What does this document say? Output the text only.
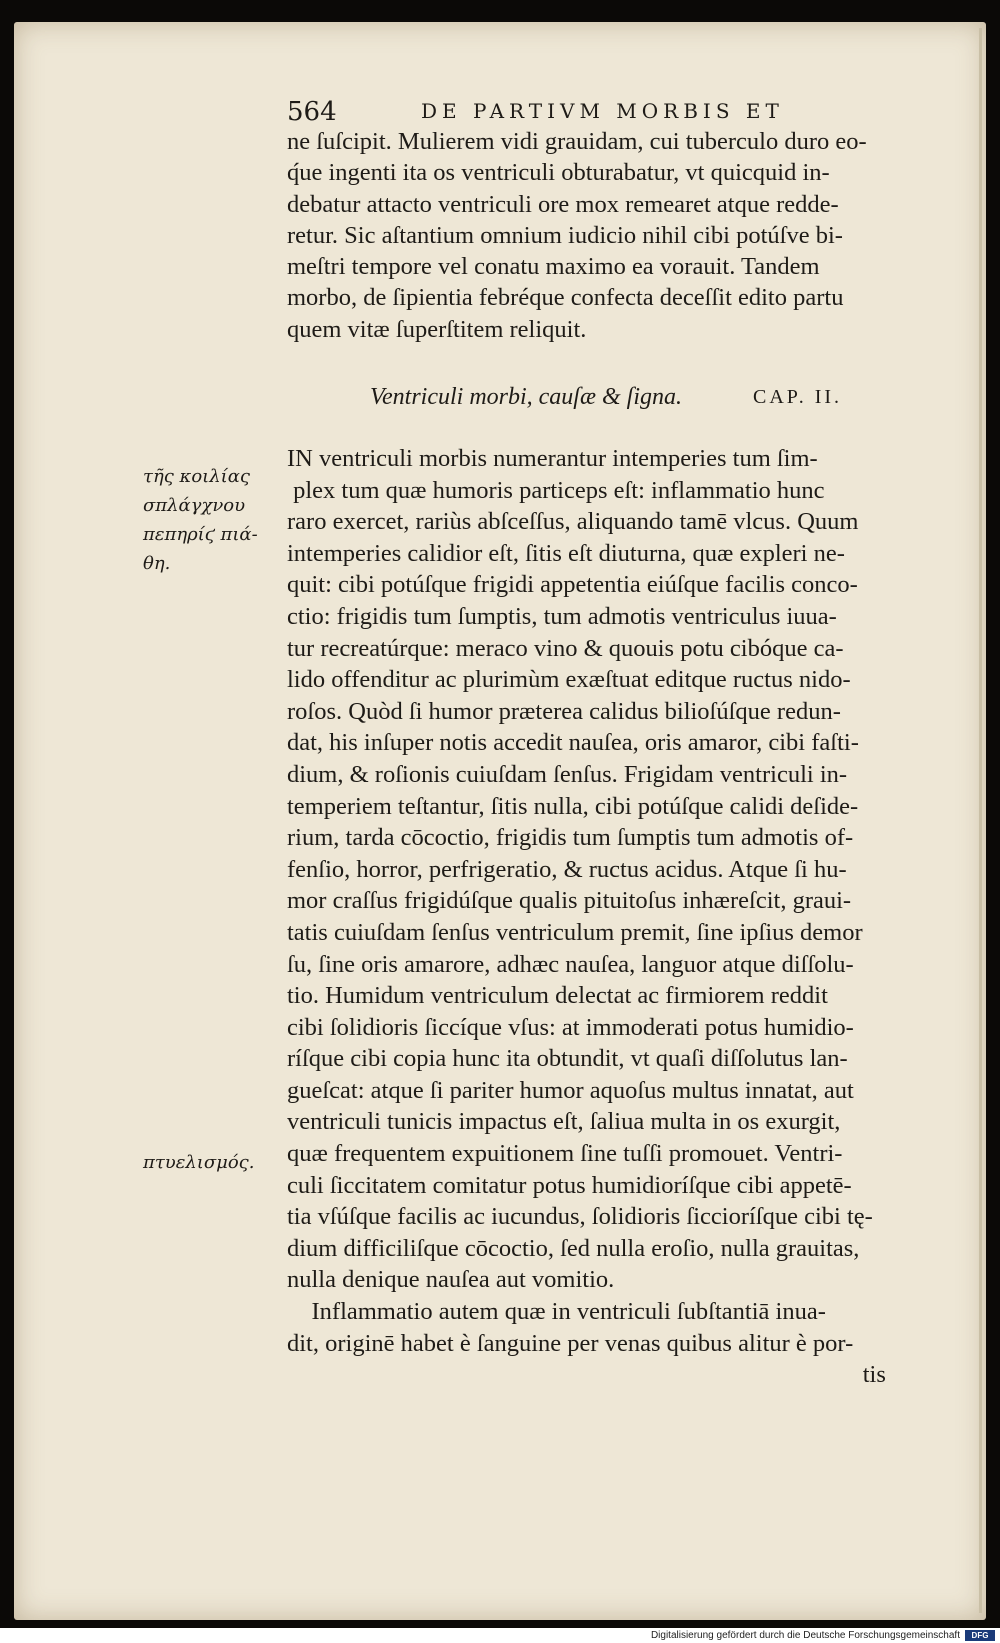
564	DE PARTIVM MORBIS ET
ne ſuſcipit. Mulierem vidi grauidam, cui tuberculo duro eo-
q́ue ingenti ita os ventriculi obturabatur, vt quicquid in-
debatur attacto ventriculi ore mox remearet atque redde-
retur. Sic aſtantium omnium iudicio nihil cibi potúſve bi-
meſtri tempore vel conatu maximo ea vorauit. Tandem
morbo, de ſipientia febréque confecta deceſſit edito partu
quem vitæ ſuperſtitem reliquit.
Ventriculi morbi, cauſæ & ſigna.	CAP. II.
IN ventriculi morbis numerantur intemperies tum ſim-
plex tum quæ humoris particeps eſt: inflammatio hunc
raro exercet, rariùs abſceſſus, aliquando tamē vlcus. Quum
intemperies calidior eſt, ſitis eſt diuturna, quæ expleri ne-
quit: cibi potúſque frigidi appetentia eiúſque facilis conco-
ctio: frigidis tum ſumptis, tum admotis ventriculus iuua-
tur recreatúrque: meraco vino & quouis potu cibóque ca-
lido offenditur ac plurimùm exæſtuat editque ructus nido-
roſos. Quòd ſi humor præterea calidus bilioſúſque redun-
dat, his inſuper notis accedit nauſea, oris amaror, cibi faſti-
dium, & roſionis cuiuſdam ſenſus. Frigidam ventriculi in-
temperiem teſtantur, ſitis nulla, cibi potúſque calidi deſide-
rium, tarda cōcoctio, frigidis tum ſumptis tum admotis of-
fenſio, horror, perfrigeratio, & ructus acidus. Atque ſi hu-
mor craſſus frigidúſque qualis pituitoſus inhæreſcit, graui-
tatis cuiuſdam ſenſus ventriculum premit, ſine ipſius demor
ſu, ſine oris amarore, adhæc nauſea, languor atque diſſolu-
tio. Humidum ventriculum delectat ac firmiorem reddit
cibi ſolidioris ſiccíque vſus: at immoderati potus humidio-
ríſque cibi copia hunc ita obtundit, vt quaſi diſſolutus lan-
gueſcat: atque ſi pariter humor aquoſus multus innatat, aut
ventriculi tunicis impactus eſt, ſaliua multa in os exurgit,
quæ frequentem expuitionem ſine tuſſi promouet. Ventri-
culi ſiccitatem comitatur potus humidioríſque cibi appetē-
tia vſúſque facilis ac iucundus, ſolidioris ſiccioríſque cibi tę-
dium difficiliſque cōcoctio, ſed nulla eroſio, nulla grauitas,
nulla denique nauſea aut vomitio.
Inflammatio autem quæ in ventriculi ſubſtantiā inua-
dit, originē habet è ſanguine per venas quibus alitur è por-
tis
τῆς κοιλίας
σπλάγχνου
πεπηρίϛ πιά-
θη.
πτυελισμός.
Digitalisierung gefördert durch die Deutsche Forschungsgemeinschaft	DFG
